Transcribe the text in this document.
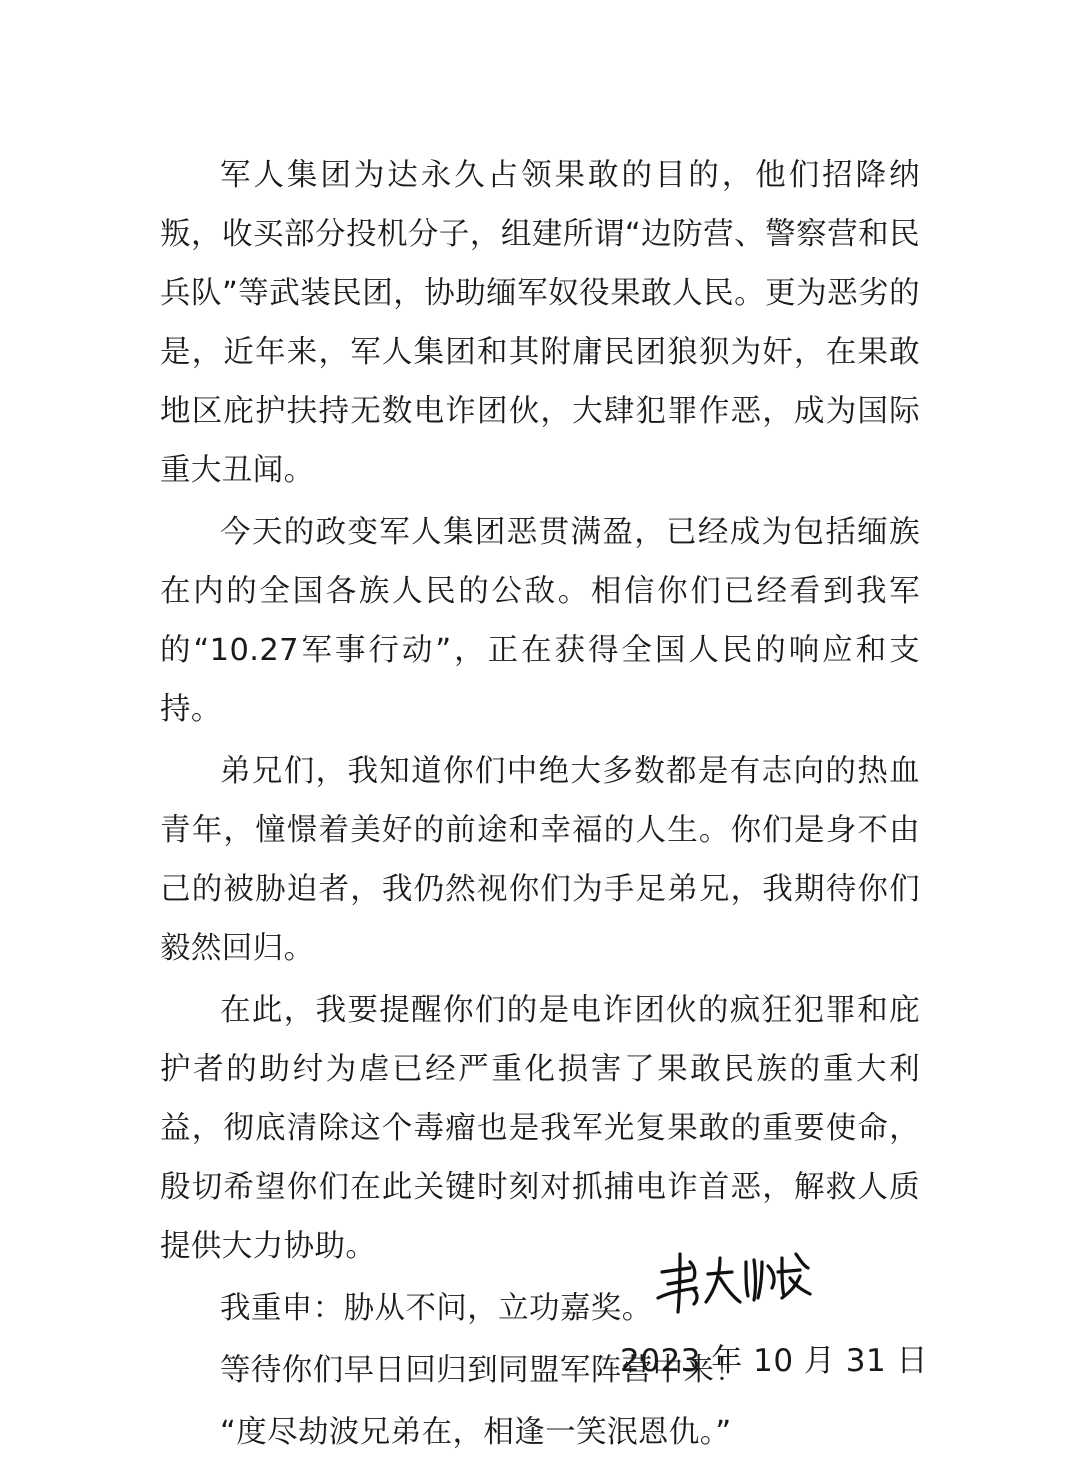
军人集团为达永久占领果敢的目的，他们招降纳叛，收买部分投机分子，组建所谓“边防营、警察营和民兵队”等武装民团，协助缅军奴役果敢人民。更为恶劣的是，近年来，军人集团和其附庸民团狼狈为奸，在果敢地区庇护扶持无数电诈团伙，大肆犯罪作恶，成为国际重大丑闻。

今天的政变军人集团恶贯满盈，已经成为包括缅族在内的全国各族人民的公敌。相信你们已经看到我军的“10.27军事行动”，正在获得全国人民的响应和支持。

弟兄们，我知道你们中绝大多数都是有志向的热血青年，憧憬着美好的前途和幸福的人生。你们是身不由己的被胁迫者，我仍然视你们为手足弟兄，我期待你们毅然回归。

在此，我要提醒你们的是电诈团伙的疯狂犯罪和庇护者的助纣为虐已经严重化损害了果敢民族的重大利益，彻底清除这个毒瘤也是我军光复果敢的重要使命，殷切希望你们在此关键时刻对抓捕电诈首恶，解救人质提供大力协助。

我重申：胁从不问，立功嘉奖。

等待你们早日回归到同盟军阵营中来！

“度尽劫波兄弟在，相逢一笑泯恩仇。”

2023 年 10 月 31 日
